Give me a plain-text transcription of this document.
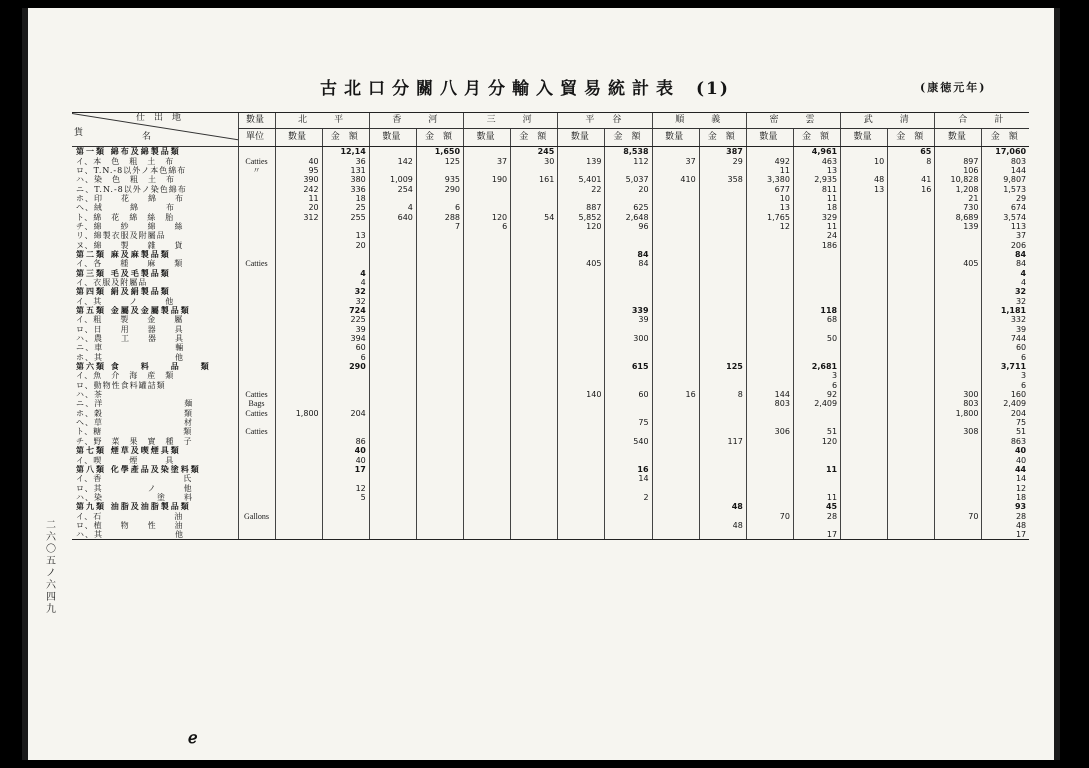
古北口分關八月分輸入貿易統計表 (1)	(康徳元年)
二六〇五ノ六四九
ℯ
仕　出　地
貨 名	數量	北　　　平		香　　　河		三　　　河		平　　谷		順　　　義		密　　　雲		武　　　清		合　　　計	
	單位	數量	金　額	數量	金　額	數量	金　額	數量	金　額	數量	金　額	數量	金　額	數量	金　額	數量	金　額
第一類 綿布及綿製品類			12,14		1,650		245		8,538		387		4,961		65		17,060
イ、本　色　粗　土　布	Catties	40	36	142	125	37	30	139	112	37	29	492	463	10	8	897	803
ロ、T.N.-8以外ノ本色綿布	〃	95	131									11	13			106	144
ハ、染　色　粗　土　布		390	380	1,009	935	190	161	5,401	5,037	410	358	3,380	2,935	48	41	10,828	9,807
ニ、T.N.-8以外ノ染色綿布		242	336	254	290			22	20			677	811	13	16	1,208	1,573
ホ、印　　花　　綿　　布		11	18									10	11			21	29
ヘ、絨　　　綿　　　布		20	25	4	6			887	625			13	18			730	674
ト、綿　花　綿　絲　胎		312	255	640	288	120	54	5,852	2,648			1,765	329			8,689	3,574
チ、綿　　紗　　綿　　絲					7	6		120	96			12	11			139	113
リ、綿製衣服及附屬品			13										24				37
ヌ、綿　　製　　雜　　貨			20										186				206
第二類 麻及麻製品類									84								84
イ、各　　種　　麻　　類	Catties							405	84							405	84
第三類 毛及毛製品類			4														4
イ、衣服及附屬品			4														4
第四類 絹及絹製品類			32														32
イ、其　　　ノ　　　他			32														32
第五類 金屬及金屬製品類			724						339				118				1,181
イ、粗　　製　　金　　屬			225						39				68				332
ロ、日　　用　　器　　具			39														39
ハ、農　　工　　器　　具			394						300				50				744
ニ、車　　　　　　　　輛			60														60
ホ、其　　　　　　　　他			6														6
第六類 食　　料　　品　　類			290						615		125		2,681				3,711
イ、魚　介　海　産　類													3				3
ロ、動物性食料罐詰類													6				6
ハ、茶	Catties							140	60	16	8	144	92			300	160
ニ、洋　　　　　　　　　麺	Bags											803	2,409			803	2,409
ホ、穀　　　　　　　　　類	Catties	1,800	204													1,800	204
ヘ、草　　　　　　　　　材									75								75
ト、糖　　　　　　　　　類	Catties											306	51			308	51
チ、野　菜　果　實　種　子			86						540		117		120				863
第七類 煙草及喫煙具類			40														40
イ、喫　　　煙　　　具			40														40
第八類 化學產品及染塗料類			17						16				11				44
イ、香　　　　　　　　　氏									14								14
ロ、其　　　　　ノ　　　他			12														12
ハ、染　　　　　　塗　　料			5						2				11				18
第九類 油脂及油脂製品類											48		45				93
イ、石　　　　　　　　油	Gallons											70	28			70	28
ロ、植　　物　　性　　油											48						48
ハ、其　　　　　　　　他													17				17
